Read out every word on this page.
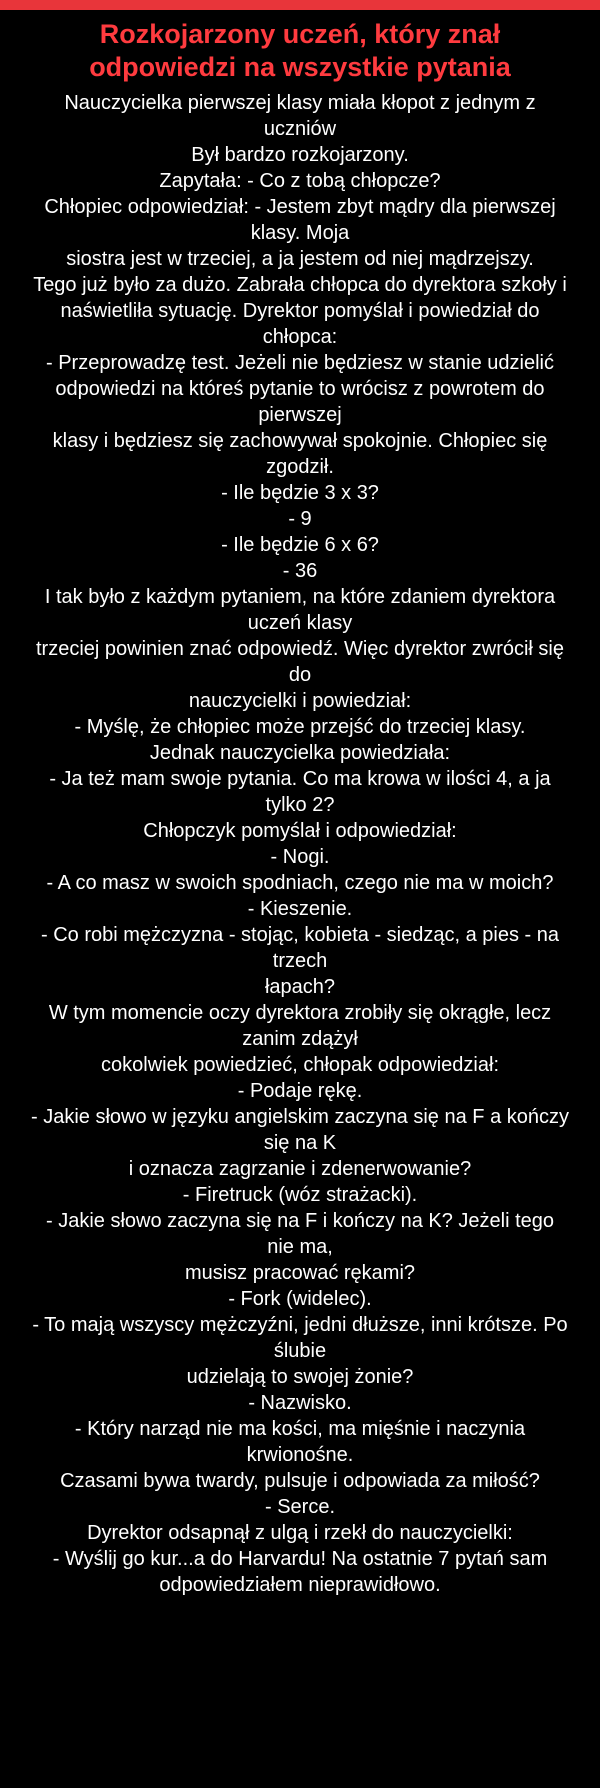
Rozkojarzony uczeń, który znał
odpowiedzi na wszystkie pytania

Nauczycielka pierwszej klasy miała kłopot z jednym z uczniów

Był bardzo rozkojarzony.

Zapytała: - Co z tobą chłopcze?

Chłopiec odpowiedział: - Jestem zbyt mądry dla pierwszej klasy. Moja

siostra jest w trzeciej, a ja jestem od niej mądrzejszy.

Tego już było za dużo. Zabrała chłopca do dyrektora szkoły i

naświetliła sytuację. Dyrektor pomyślał i powiedział do chłopca:

- Przeprowadzę test. Jeżeli nie będziesz w stanie udzielić

odpowiedzi na któreś pytanie to wrócisz z powrotem do pierwszej

klasy i będziesz się zachowywał spokojnie. Chłopiec się zgodził.

- Ile będzie 3 x 3?

- 9

- Ile będzie 6 x 6?

- 36

I tak było z każdym pytaniem, na które zdaniem dyrektora uczeń klasy

trzeciej powinien znać odpowiedź. Więc dyrektor zwrócił się do

nauczycielki i powiedział:

- Myślę, że chłopiec może przejść do trzeciej klasy.

Jednak nauczycielka powiedziała:

- Ja też mam swoje pytania. Co ma krowa w ilości 4, a ja tylko 2?

Chłopczyk pomyślał i odpowiedział:

- Nogi.

- A co masz w swoich spodniach, czego nie ma w moich?

- Kieszenie.

- Co robi mężczyzna - stojąc, kobieta - siedząc, a pies - na trzech

łapach?

W tym momencie oczy dyrektora zrobiły się okrągłe, lecz zanim zdążył

cokolwiek powiedzieć, chłopak odpowiedział:

- Podaje rękę.

- Jakie słowo w języku angielskim zaczyna się na F a kończy się na K

i oznacza zagrzanie i zdenerwowanie?

- Firetruck (wóz strażacki).

- Jakie słowo zaczyna się na F i kończy na K? Jeżeli tego nie ma,

musisz pracować rękami?

- Fork (widelec).

- To mają wszyscy mężczyźni, jedni dłuższe, inni krótsze. Po ślubie

udzielają to swojej żonie?

- Nazwisko.

- Który narząd nie ma kości, ma mięśnie i naczynia krwionośne.

Czasami bywa twardy, pulsuje i odpowiada za miłość?

- Serce.

Dyrektor odsapnął z ulgą i rzekł do nauczycielki:

- Wyślij go kur...a do Harvardu! Na ostatnie 7 pytań sam

odpowiedziałem nieprawidłowo.
